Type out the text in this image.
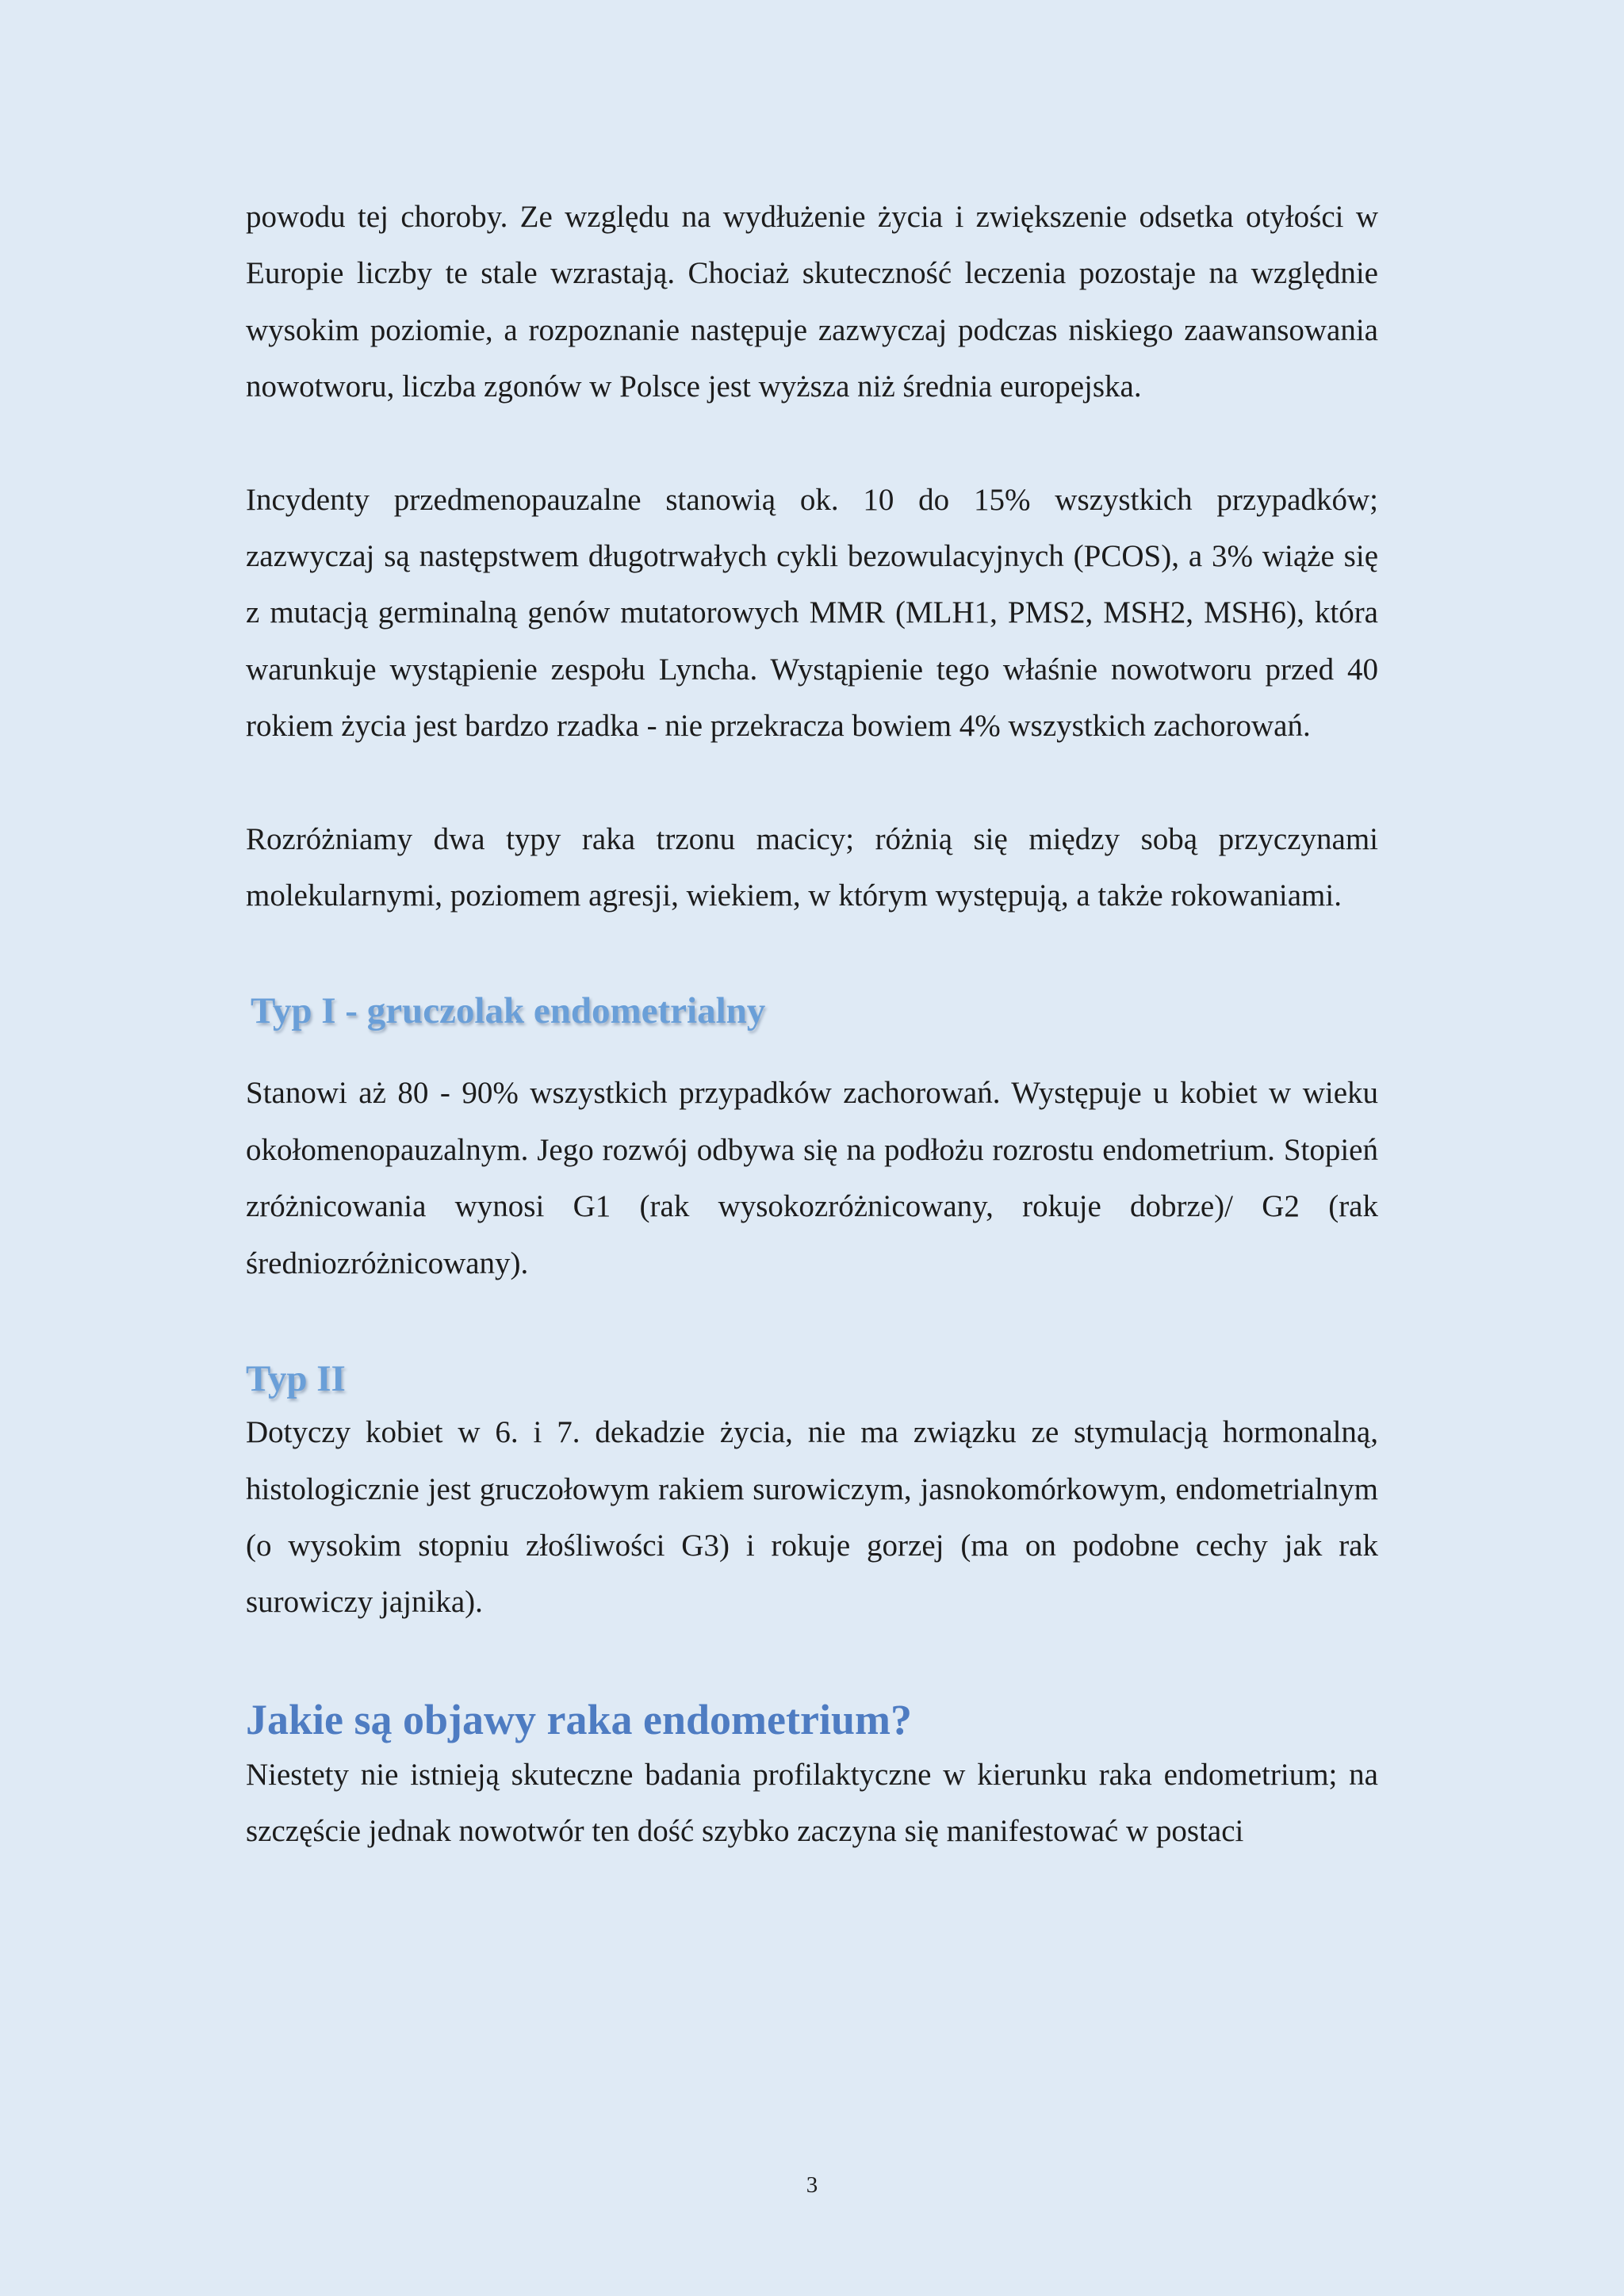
powodu tej choroby. Ze względu na wydłużenie życia i zwiększenie odsetka otyłości w Europie liczby te stale wzrastają. Chociaż skuteczność leczenia pozostaje na względnie wysokim poziomie, a rozpoznanie następuje zazwyczaj podczas niskiego zaawansowania nowotworu, liczba zgonów w Polsce jest wyższa niż średnia europejska.

Incydenty przedmenopauzalne stanowią ok. 10 do 15% wszystkich przypadków; zazwyczaj są następstwem długotrwałych cykli bezowulacyjnych (PCOS), a 3% wiąże się z mutacją germinalną genów mutatorowych MMR (MLH1, PMS2, MSH2, MSH6), która warunkuje wystąpienie zespołu Lyncha. Wystąpienie tego właśnie nowotworu przed 40 rokiem życia jest bardzo rzadka - nie przekracza bowiem 4% wszystkich zachorowań.

Rozróżniamy dwa typy raka trzonu macicy; różnią się między sobą przyczynami molekularnymi, poziomem agresji, wiekiem, w którym występują, a także rokowaniami.

Typ I - gruczolak endometrialny

Stanowi aż 80 - 90% wszystkich przypadków zachorowań. Występuje u kobiet w wieku okołomenopauzalnym. Jego rozwój odbywa się na podłożu rozrostu endometrium. Stopień zróżnicowania wynosi G1 (rak wysokozróżnicowany, rokuje dobrze)/ G2 (rak średniozróżnicowany).

Typ II

Dotyczy kobiet w 6. i 7. dekadzie życia, nie ma związku ze stymulacją hormonalną, histologicznie jest gruczołowym rakiem surowiczym, jasnokomórkowym, endometrialnym (o wysokim stopniu złośliwości G3) i rokuje gorzej (ma on podobne cechy jak rak surowiczy jajnika).

Jakie są objawy raka endometrium?

Niestety nie istnieją skuteczne badania profilaktyczne w kierunku raka endometrium; na szczęście jednak nowotwór ten dość szybko zaczyna się manifestować w postaci

3
